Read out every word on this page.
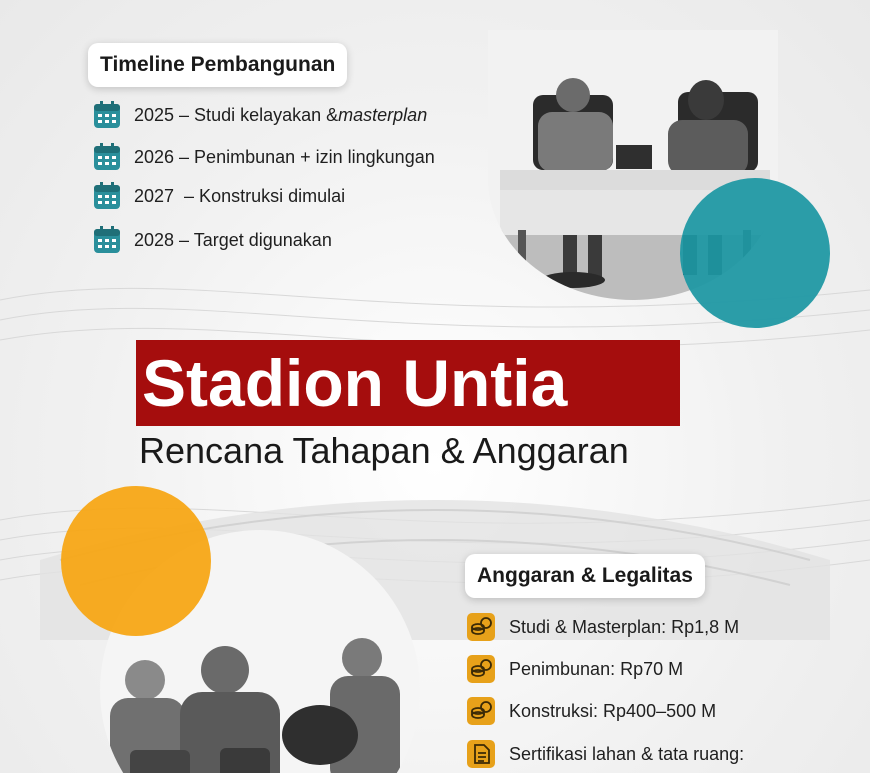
Timeline Pembangunan
2025 – Studi kelayakan & masterplan
2026 – Penimbunan + izin lingkungan
2027  – Konstruksi dimulai
2028 – Target digunakan
Stadion Untia
Rencana Tahapan & Anggaran
Anggaran & Legalitas
Studi & Masterplan: Rp1,8 M
Penimbunan: Rp70 M
Konstruksi: Rp400–500 M
Sertifikasi lahan & tata ruang:
